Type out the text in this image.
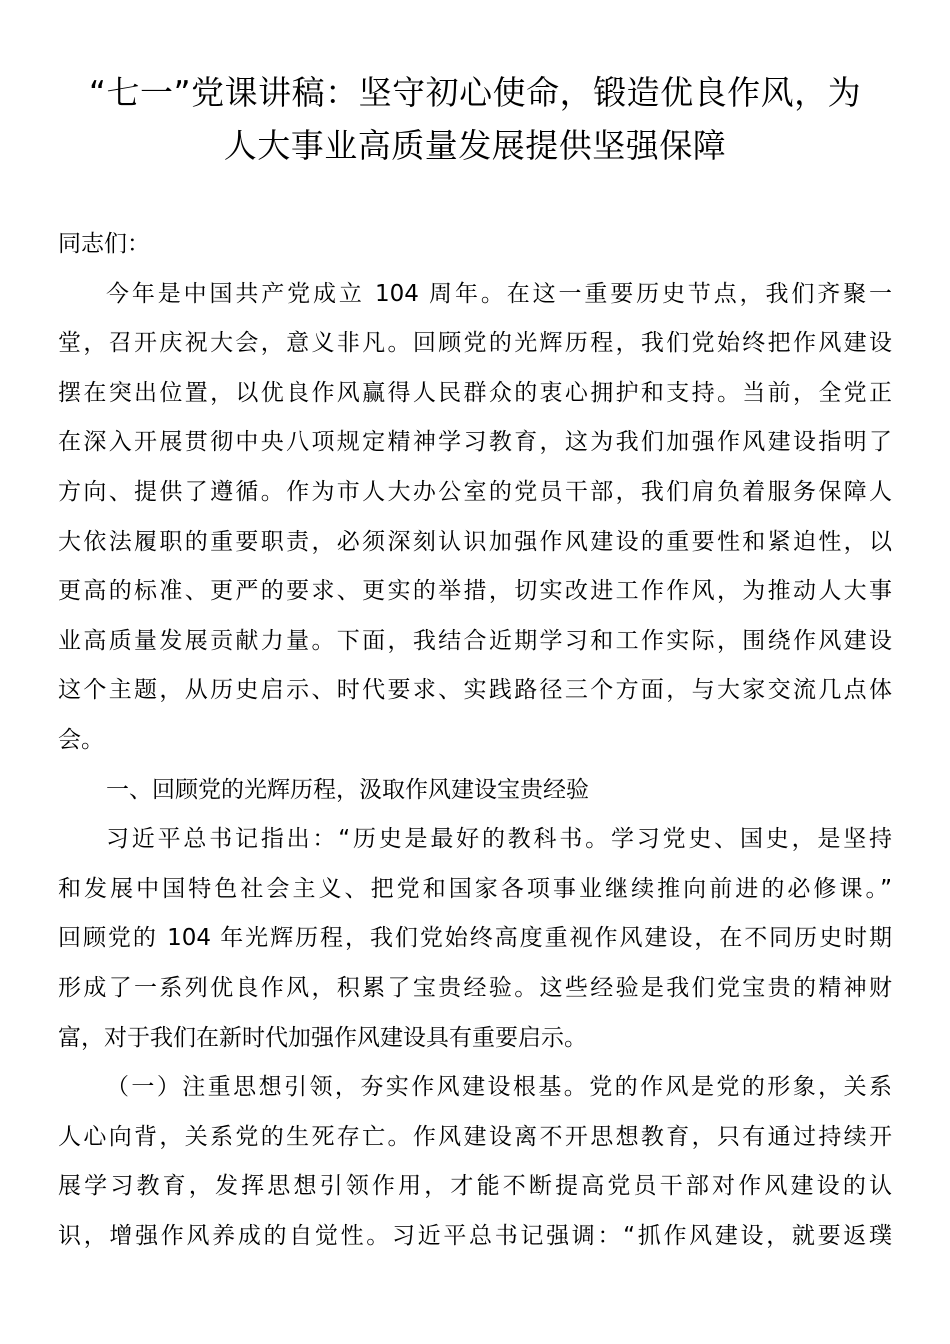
“七一”党课讲稿：坚守初心使命，锻造优良作风，为
人大事业高质量发展提供坚强保障

同志们：

今年是中国共产党成立 104 周年。在这一重要历史节点，我们齐聚一
堂，召开庆祝大会，意义非凡。回顾党的光辉历程，我们党始终把作风建设
摆在突出位置，以优良作风赢得人民群众的衷心拥护和支持。当前，全党正
在深入开展贯彻中央八项规定精神学习教育，这为我们加强作风建设指明了
方向、提供了遵循。作为市人大办公室的党员干部，我们肩负着服务保障人
大依法履职的重要职责，必须深刻认识加强作风建设的重要性和紧迫性，以
更高的标准、更严的要求、更实的举措，切实改进工作作风，为推动人大事
业高质量发展贡献力量。下面，我结合近期学习和工作实际，围绕作风建设
这个主题，从历史启示、时代要求、实践路径三个方面，与大家交流几点体
会。

一、回顾党的光辉历程，汲取作风建设宝贵经验

习近平总书记指出：“历史是最好的教科书。学习党史、国史，是坚持
和发展中国特色社会主义、把党和国家各项事业继续推向前进的必修课。”
回顾党的 104 年光辉历程，我们党始终高度重视作风建设，在不同历史时期
形成了一系列优良作风，积累了宝贵经验。这些经验是我们党宝贵的精神财
富，对于我们在新时代加强作风建设具有重要启示。

（一）注重思想引领，夯实作风建设根基。党的作风是党的形象，关系
人心向背，关系党的生死存亡。作风建设离不开思想教育，只有通过持续开
展学习教育，发挥思想引领作用，才能不断提高党员干部对作风建设的认
识，增强作风养成的自觉性。习近平总书记强调：“抓作风建设，就要返璞
